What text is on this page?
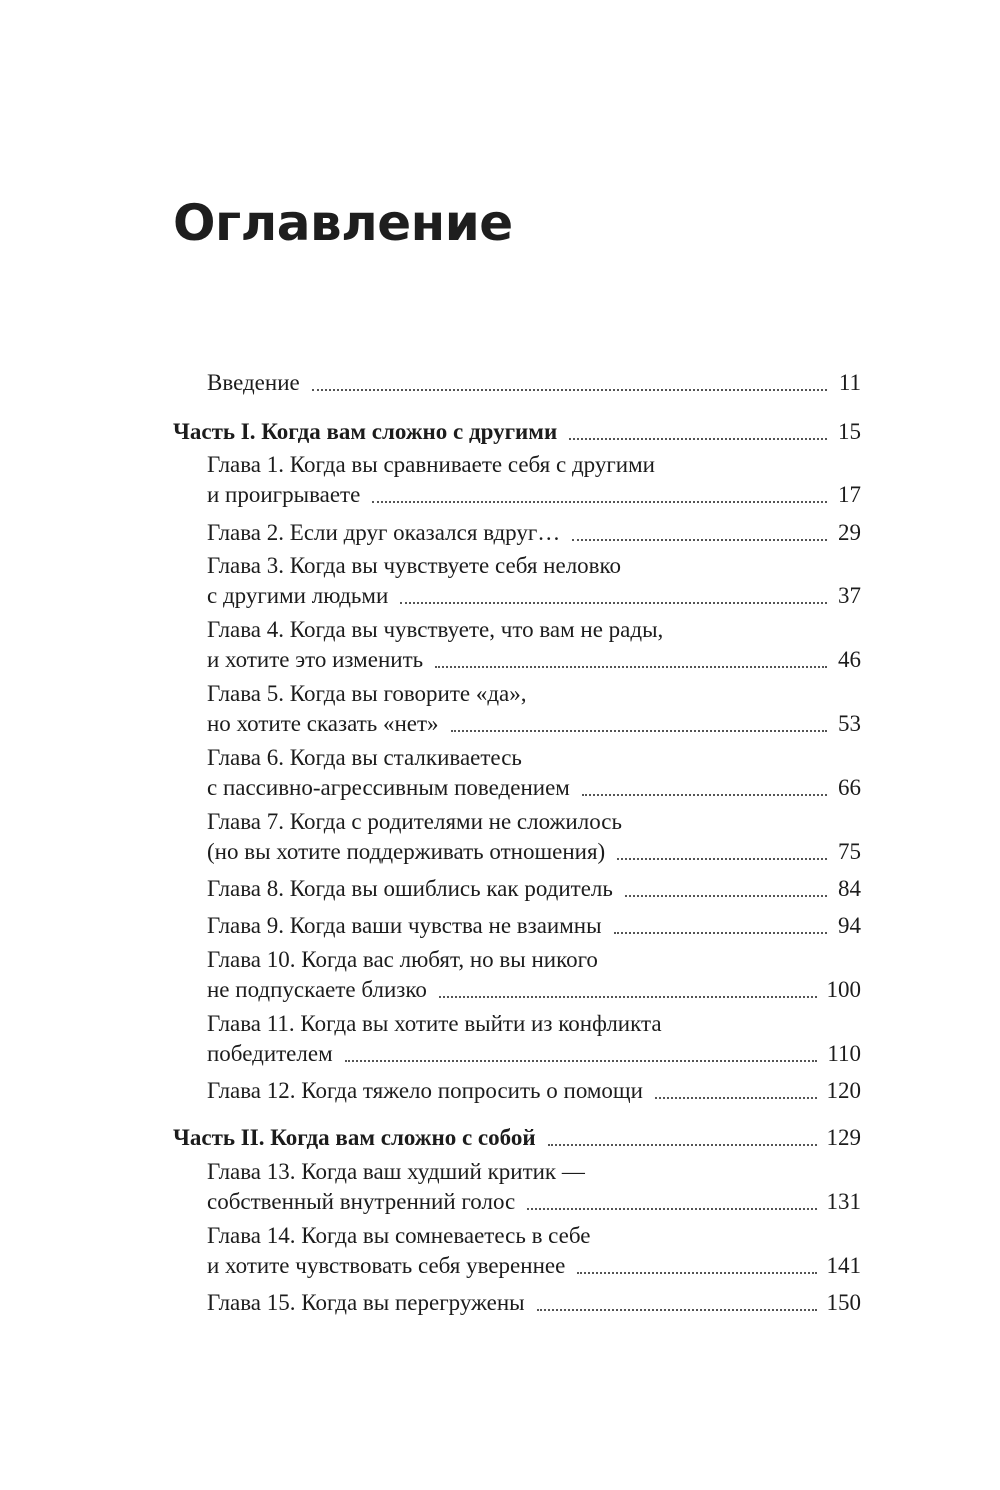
Оглавление
Введение	11
Часть I. Когда вам сложно с другими	15
Глава 1. Когда вы сравниваете себя с другими
и проигрываете	17
Глава 2. Если друг оказался вдруг…	29
Глава 3. Когда вы чувствуете себя неловко
с другими людьми	37
Глава 4. Когда вы чувствуете, что вам не рады,
и хотите это изменить	46
Глава 5. Когда вы говорите «да»,
но хотите сказать «нет»	53
Глава 6. Когда вы сталкиваетесь
с пассивно-агрессивным поведением	66
Глава 7. Когда с родителями не сложилось
(но вы хотите поддерживать отношения)	75
Глава 8. Когда вы ошиблись как родитель	84
Глава 9. Когда ваши чувства не взаимны	94
Глава 10. Когда вас любят, но вы никого
не подпускаете близко	100
Глава 11. Когда вы хотите выйти из конфликта
победителем	110
Глава 12. Когда тяжело попросить о помощи	120
Часть II. Когда вам сложно с собой	129
Глава 13. Когда ваш худший критик —
собственный внутренний голос	131
Глава 14. Когда вы сомневаетесь в себе
и хотите чувствовать себя увереннее	141
Глава 15. Когда вы перегружены	150
